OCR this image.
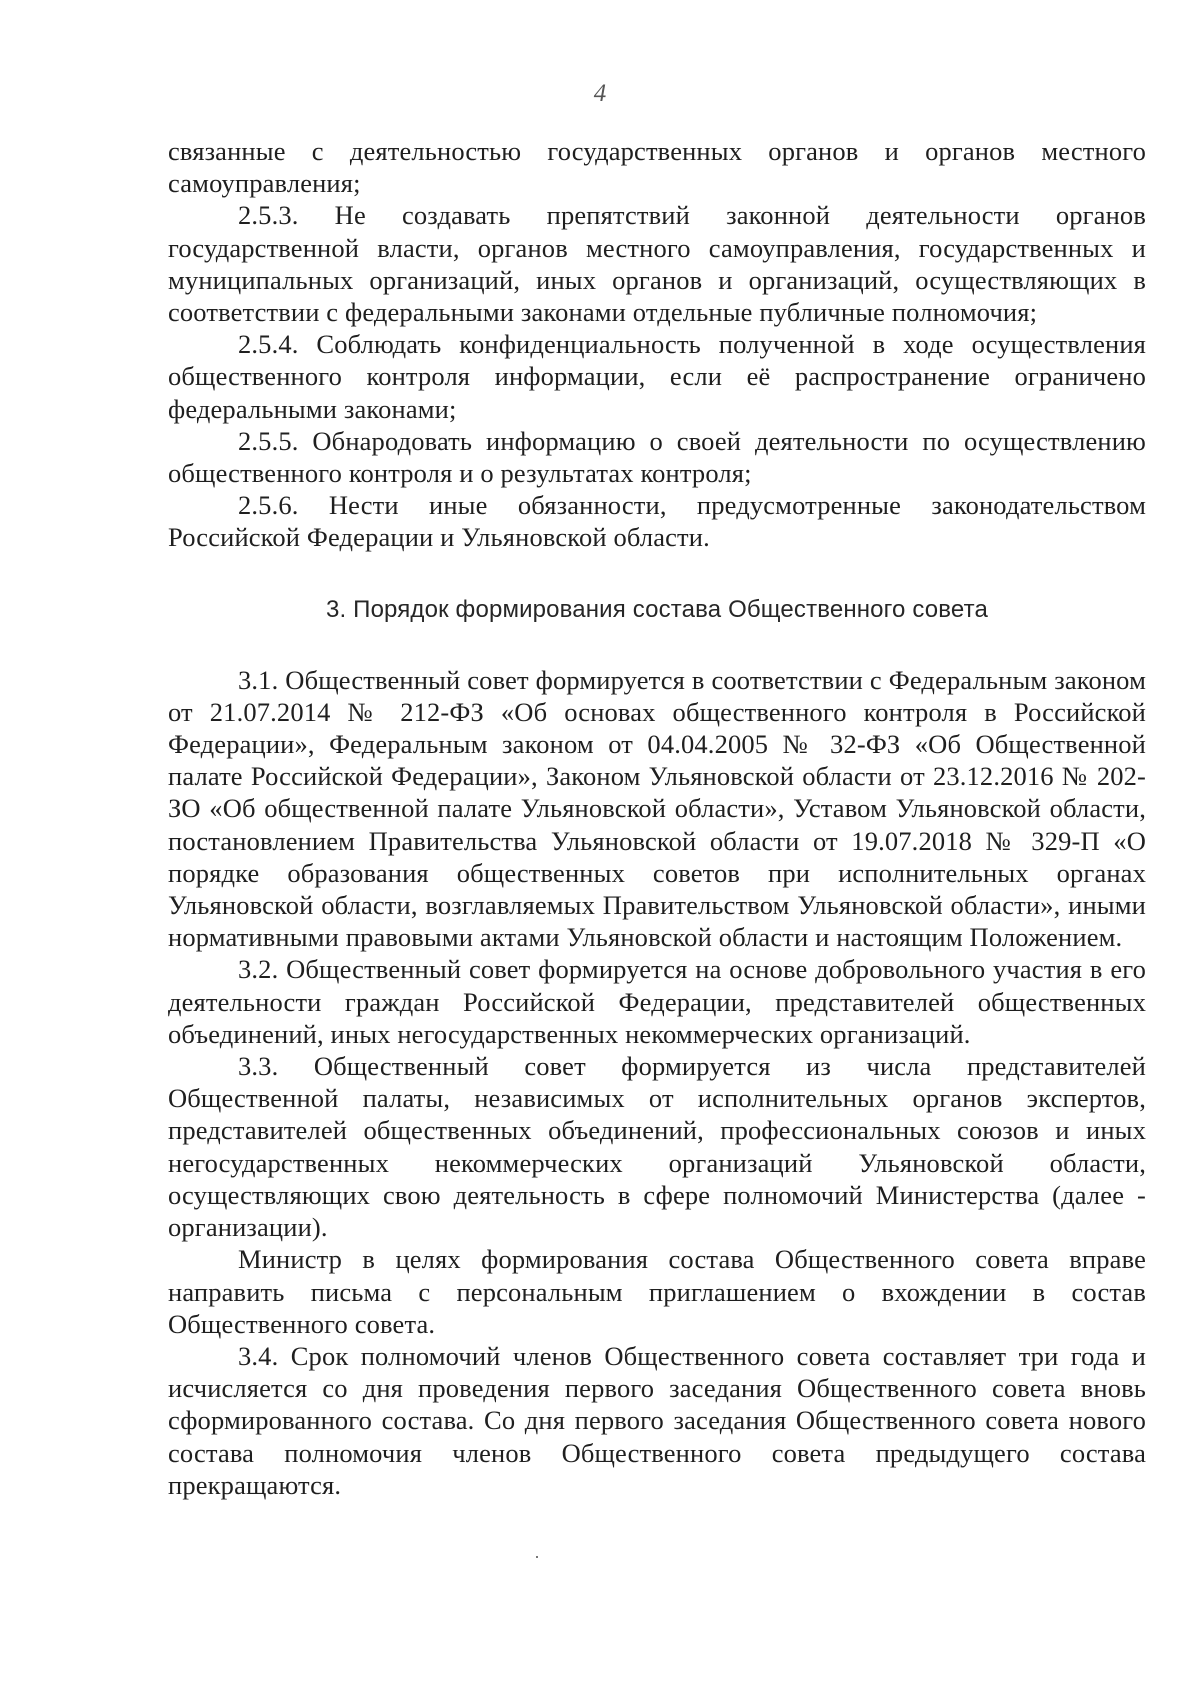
4

связанные с деятельностью государственных органов и органов местного самоуправления;

2.5.3. Не создавать препятствий законной деятельности органов государственной власти, органов местного самоуправления, государственных и муниципальных организаций, иных органов и организаций, осуществляющих в соответствии с федеральными законами отдельные публичные полномочия;

2.5.4. Соблюдать конфиденциальность полученной в ходе осуществления общественного контроля информации, если её распространение ограничено федеральными законами;

2.5.5. Обнародовать информацию о своей деятельности по осуществлению общественного контроля и о результатах контроля;

2.5.6. Нести иные обязанности, предусмотренные законодательством Российской Федерации и Ульяновской области.

3. Порядок формирования состава Общественного совета

3.1. Общественный совет формируется в соответствии с Федеральным законом от 21.07.2014 № 212-ФЗ «Об основах общественного контроля в Российской Федерации», Федеральным законом от 04.04.2005 № 32-ФЗ «Об Общественной палате Российской Федерации», Законом Ульяновской области от 23.12.2016 № 202-ЗО «Об общественной палате Ульяновской области», Уставом Ульяновской области, постановлением Правительства Ульяновской области от 19.07.2018 № 329-П «О порядке образования общественных советов при исполнительных органах Ульяновской области, возглавляемых Правительством Ульяновской области», иными нормативными правовыми актами Ульяновской области и настоящим Положением.

3.2. Общественный совет формируется на основе добровольного участия в его деятельности граждан Российской Федерации, представителей общественных объединений, иных негосударственных некоммерческих организаций.

3.3. Общественный совет формируется из числа представителей Общественной палаты, независимых от исполнительных органов экспертов, представителей общественных объединений, профессиональных союзов и иных негосударственных некоммерческих организаций Ульяновской области, осуществляющих свою деятельность в сфере полномочий Министерства (далее - организации).

Министр в целях формирования состава Общественного совета вправе направить письма с персональным приглашением о вхождении в состав Общественного совета.

3.4. Срок полномочий членов Общественного совета составляет три года и исчисляется со дня проведения первого заседания Общественного совета вновь сформированного состава. Со дня первого заседания Общественного совета нового состава полномочия членов Общественного совета предыдущего состава прекращаются.
